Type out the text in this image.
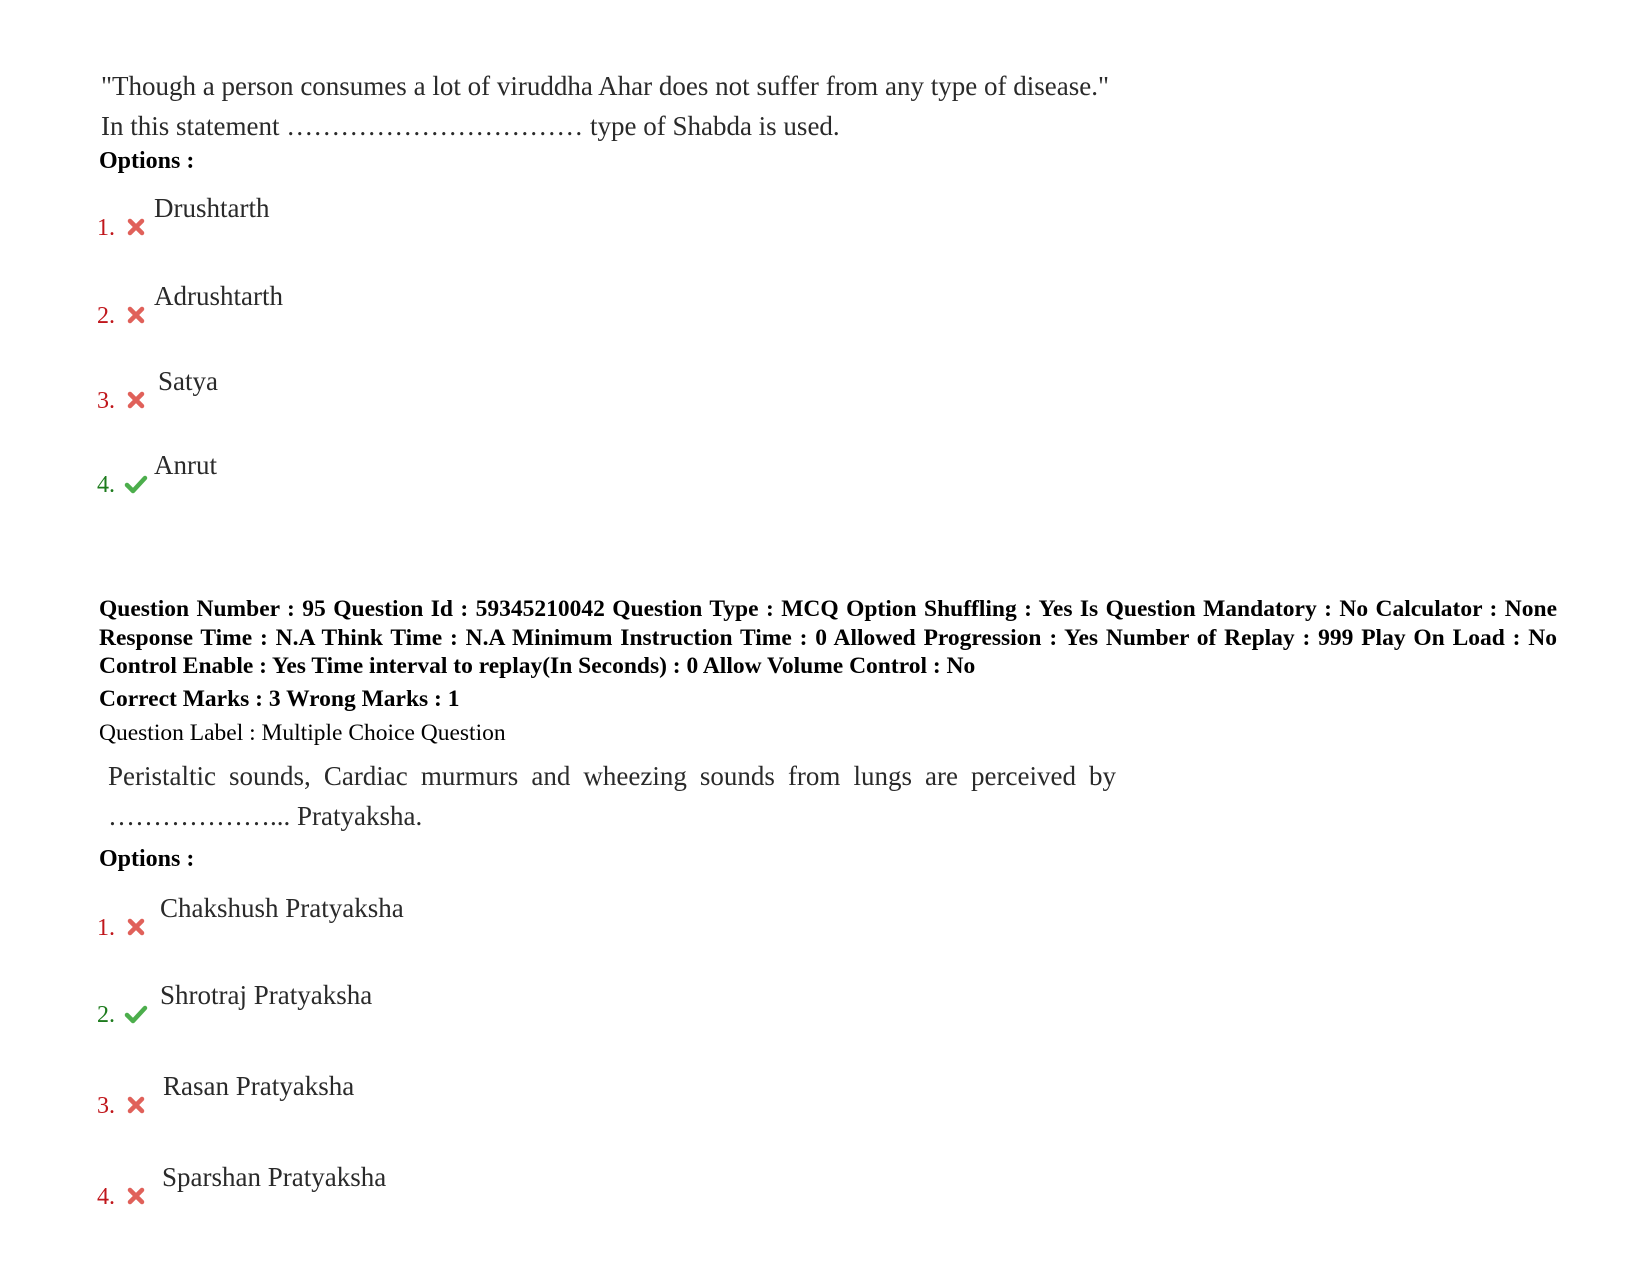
"Though a person consumes a lot of viruddha Ahar does not suffer from any type of disease." In this statement …………………………… type of Shabda is used.

Options :

1.
Drushtarth
2.
Adrushtarth
3.
Satya
4.
Anrut

Question Number : 95 Question Id : 59345210042 Question Type : MCQ Option Shuffling : Yes Is Question Mandatory : No Calculator : None Response Time : N.A Think Time : N.A Minimum Instruction Time : 0 Allowed Progression : Yes Number of Replay : 999 Play On Load : No Control Enable : Yes Time interval to replay(In Seconds) : 0 Allow Volume Control : No

Correct Marks : 3 Wrong Marks : 1

Question Label : Multiple Choice Question

Peristaltic sounds, Cardiac murmurs and wheezing sounds from lungs are perceived by ………………... Pratyaksha.

Options :

1.
Chakshush Pratyaksha
2.
Shrotraj Pratyaksha
3.
Rasan Pratyaksha
4.
Sparshan Pratyaksha
